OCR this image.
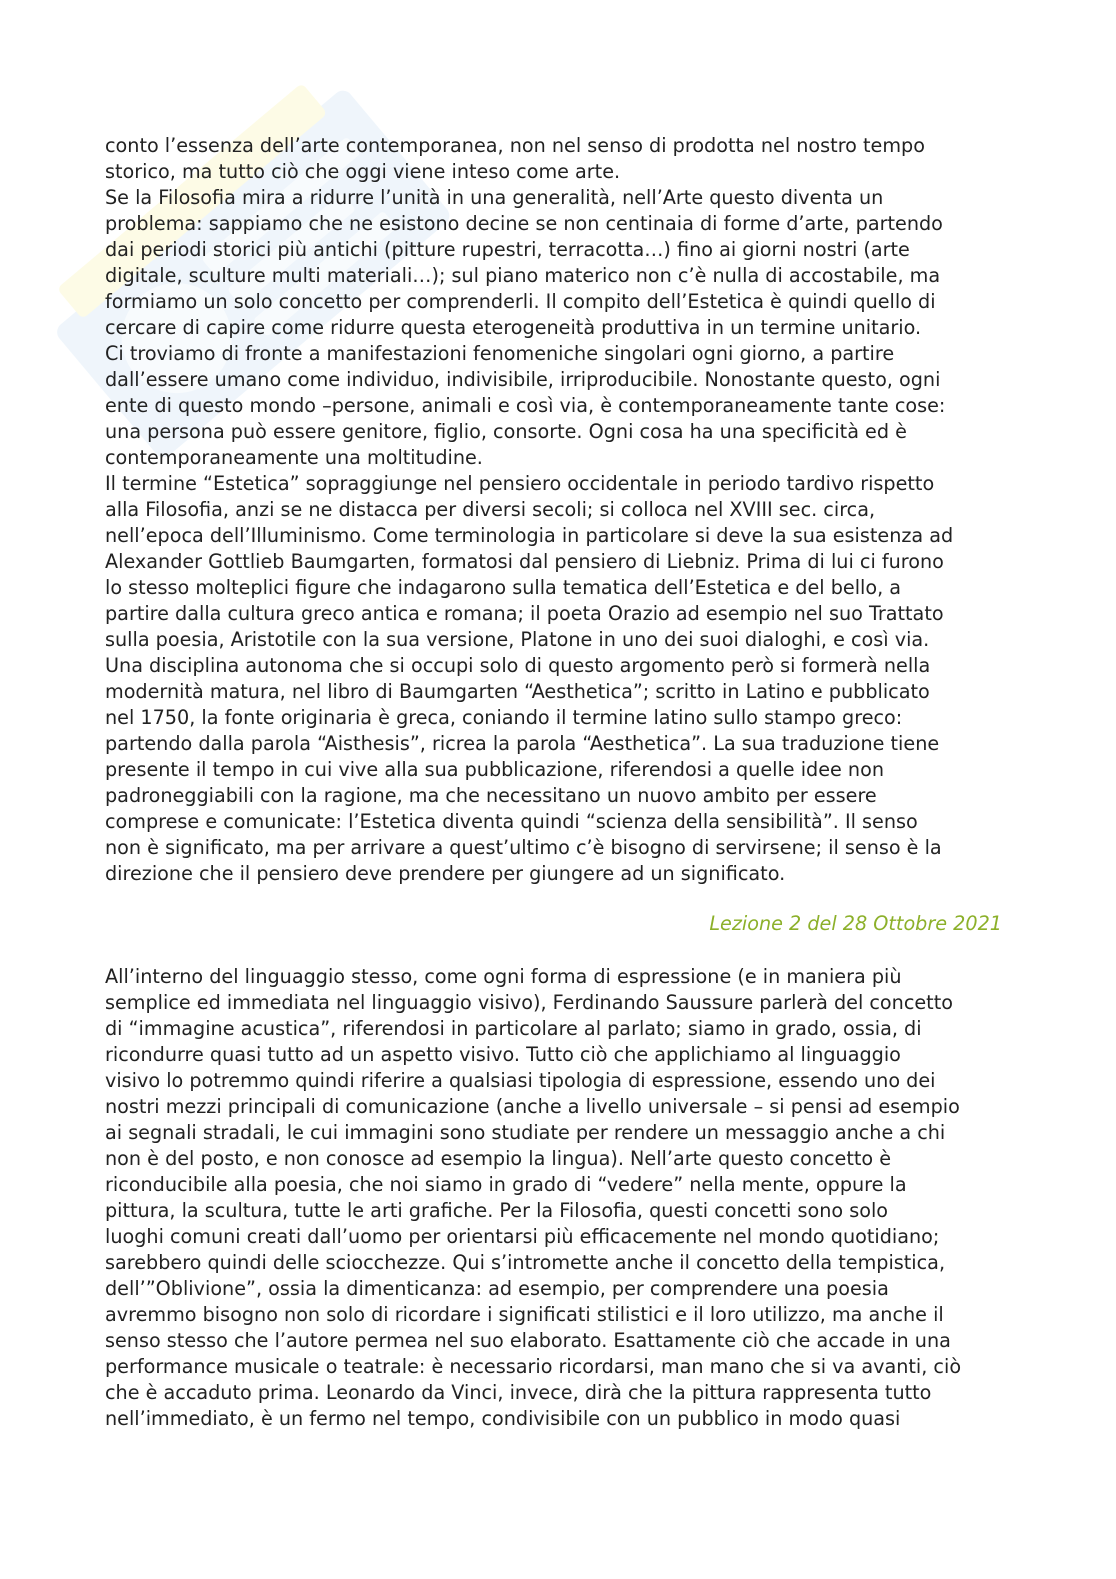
conto l’essenza dell’arte contemporanea, non nel senso di prodotta nel nostro tempo

storico, ma tutto ciò che oggi viene inteso come arte.

Se la Filosofia mira a ridurre l’unità in una generalità, nell’Arte questo diventa un

problema: sappiamo che ne esistono decine se non centinaia di forme d’arte, partendo

dai periodi storici più antichi (pitture rupestri, terracotta…) fino ai giorni nostri (arte

digitale, sculture multi materiali…); sul piano materico non c’è nulla di accostabile, ma

formiamo un solo concetto per comprenderli. Il compito dell’Estetica è quindi quello di

cercare di capire come ridurre questa eterogeneità produttiva in un termine unitario.

Ci troviamo di fronte a manifestazioni fenomeniche singolari ogni giorno, a partire

dall’essere umano come individuo, indivisibile, irriproducibile. Nonostante questo, ogni

ente di questo mondo –persone, animali e così via, è contemporaneamente tante cose:

una persona può essere genitore, figlio, consorte. Ogni cosa ha una specificità ed è

contemporaneamente una moltitudine.

Il termine “Estetica” sopraggiunge nel pensiero occidentale in periodo tardivo rispetto

alla Filosofia, anzi se ne distacca per diversi secoli; si colloca nel XVIII sec. circa,

nell’epoca dell’Illuminismo. Come terminologia in particolare si deve la sua esistenza ad

Alexander Gottlieb Baumgarten, formatosi dal pensiero di Liebniz. Prima di lui ci furono

lo stesso molteplici figure che indagarono sulla tematica dell’Estetica e del bello, a

partire dalla cultura greco antica e romana; il poeta Orazio ad esempio nel suo Trattato

sulla poesia, Aristotile con la sua versione, Platone in uno dei suoi dialoghi, e così via.

Una disciplina autonoma che si occupi solo di questo argomento però si formerà nella

modernità matura, nel libro di Baumgarten “Aesthetica”; scritto in Latino e pubblicato

nel 1750, la fonte originaria è greca, coniando il termine latino sullo stampo greco:

partendo dalla parola “Aisthesis”, ricrea la parola “Aesthetica”. La sua traduzione tiene

presente il tempo in cui vive alla sua pubblicazione, riferendosi a quelle idee non

padroneggiabili con la ragione, ma che necessitano un nuovo ambito per essere

comprese e comunicate: l’Estetica diventa quindi “scienza della sensibilità”. Il senso

non è significato, ma per arrivare a quest’ultimo c’è bisogno di servirsene; il senso è la

direzione che il pensiero deve prendere per giungere ad un significato.

Lezione 2 del 28 Ottobre 2021

All’interno del linguaggio stesso, come ogni forma di espressione (e in maniera più

semplice ed immediata nel linguaggio visivo), Ferdinando Saussure parlerà del concetto

di “immagine acustica”, riferendosi in particolare al parlato; siamo in grado, ossia, di

ricondurre quasi tutto ad un aspetto visivo. Tutto ciò che applichiamo al linguaggio

visivo lo potremmo quindi riferire a qualsiasi tipologia di espressione, essendo uno dei

nostri mezzi principali di comunicazione (anche a livello universale – si pensi ad esempio

ai segnali stradali, le cui immagini sono studiate per rendere un messaggio anche a chi

non è del posto, e non conosce ad esempio la lingua). Nell’arte questo concetto è

riconducibile alla poesia, che noi siamo in grado di “vedere” nella mente, oppure la

pittura, la scultura, tutte le arti grafiche. Per la Filosofia, questi concetti sono solo

luoghi comuni creati dall’uomo per orientarsi più efficacemente nel mondo quotidiano;

sarebbero quindi delle sciocchezze. Qui s’intromette anche il concetto della tempistica,

dell’”Oblivione”, ossia la dimenticanza: ad esempio, per comprendere una poesia

avremmo bisogno non solo di ricordare i significati stilistici e il loro utilizzo, ma anche il

senso stesso che l’autore permea nel suo elaborato. Esattamente ciò che accade in una

performance musicale o teatrale: è necessario ricordarsi, man mano che si va avanti, ciò

che è accaduto prima. Leonardo da Vinci, invece, dirà che la pittura rappresenta tutto

nell’immediato, è un fermo nel tempo, condivisibile con un pubblico in modo quasi
